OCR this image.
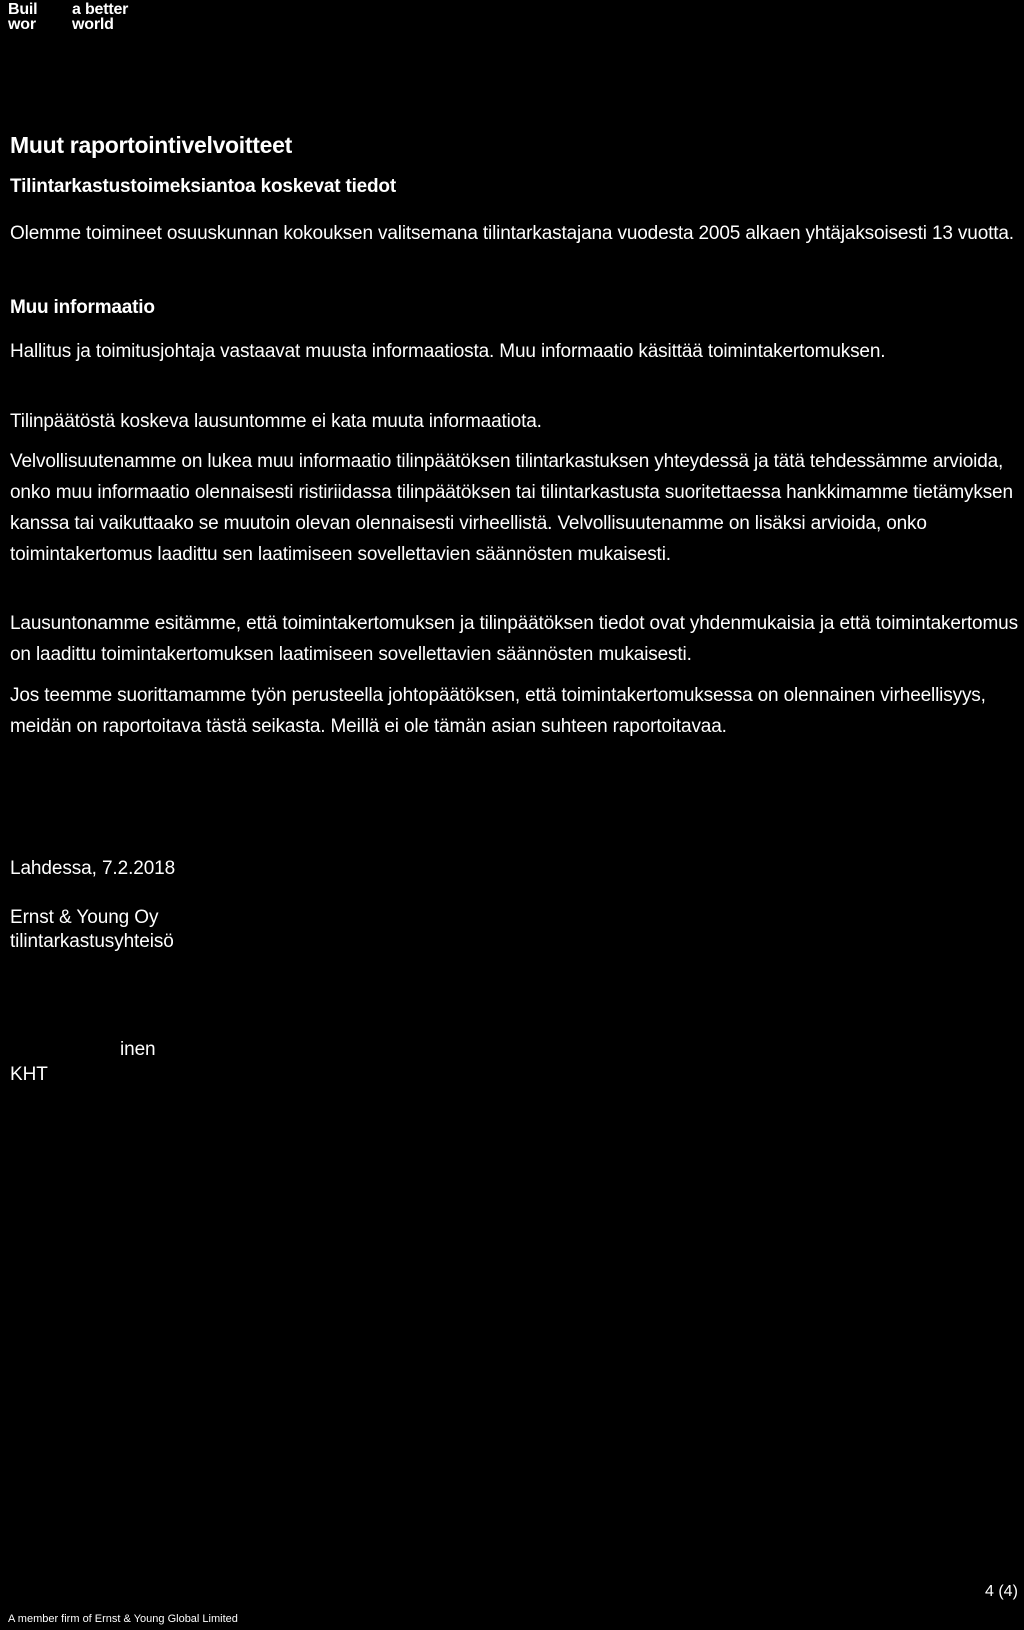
Buil a better
wor world
Muut raportointivelvoitteet
Tilintarkastustoimeksiantoa koskevat tiedot
Olemme toimineet osuuskunnan kokouksen valitsemana tilintarkastajana vuodesta 2005 alkaen yhtäjaksoisesti 13 vuotta.
Muu informaatio
Hallitus ja toimitusjohtaja vastaavat muusta informaatiosta. Muu informaatio käsittää toimintakertomuksen.
Tilinpäätöstä koskeva lausuntomme ei kata muuta informaatiota.
Velvollisuutenamme on lukea muu informaatio tilinpäätöksen tilintarkastuksen yhteydessä ja tätä tehdessämme arvioida, onko muu informaatio olennaisesti ristiriidassa tilinpäätöksen tai tilintarkastusta suoritettaessa hankkimamme tietämyksen kanssa tai vaikuttaako se muutoin olevan olennaisesti virheellistä. Velvollisuutenamme on lisäksi arvioida, onko toimintakertomus laadittu sen laatimiseen sovellettavien säännösten mukaisesti.
Lausuntonamme esitämme, että toimintakertomuksen ja tilinpäätöksen tiedot ovat yhdenmukaisia ja että toimintakertomus on laadittu toimintakertomuksen laatimiseen sovellettavien säännösten mukaisesti.
Jos teemme suorittamamme työn perusteella johtopäätöksen, että toimintakertomuksessa on olennainen virheellisyys, meidän on raportoitava tästä seikasta. Meillä ei ole tämän asian suhteen raportoitavaa.
Lahdessa, 7.2.2018
Ernst & Young Oy
tilintarkastusyhteisö
inen
KHT
4 (4)
A member firm of Ernst & Young Global Limited
